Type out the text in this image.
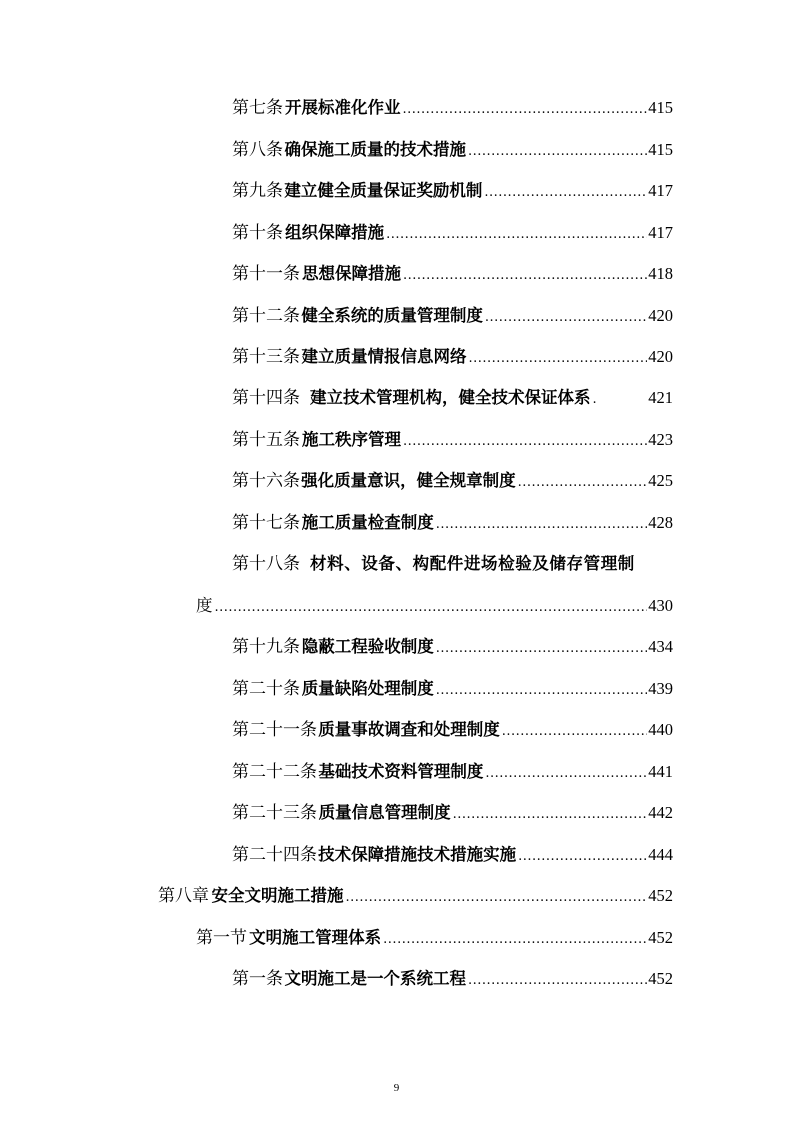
第七条 开展标准化作业 .....	415
第八条 确保施工质量的技术措施 .....	415
第九条 建立健全质量保证奖励机制 .....	417
第十条 组织保障措施 .....	417
第十一条 思想保障措施 .....	418
第十二条 健全系统的质量管理制度 .....	420
第十三条 建立质量情报信息网络 .....	420
第十四条 建立技术管理机构，健全技术保证体系 .	421
第十五条 施工秩序管理 .....	423
第十六条 强化质量意识，健全规章制度 .....	425
第十七条 施工质量检查制度 .....	428
第十八条 材料、设备、构配件进场检验及储存管理制
度 .....	430
第十九条 隐蔽工程验收制度 .....	434
第二十条 质量缺陷处理制度 .....	439
第二十一条 质量事故调查和处理制度 .....	440
第二十二条 基础技术资料管理制度 .....	441
第二十三条 质量信息管理制度 .....	442
第二十四条 技术保障措施技术措施实施 .....	444
第八章 安全文明施工措施 .....	452
第一节 文明施工管理体系 .....	452
第一条 文明施工是一个系统工程 .....	452
9
